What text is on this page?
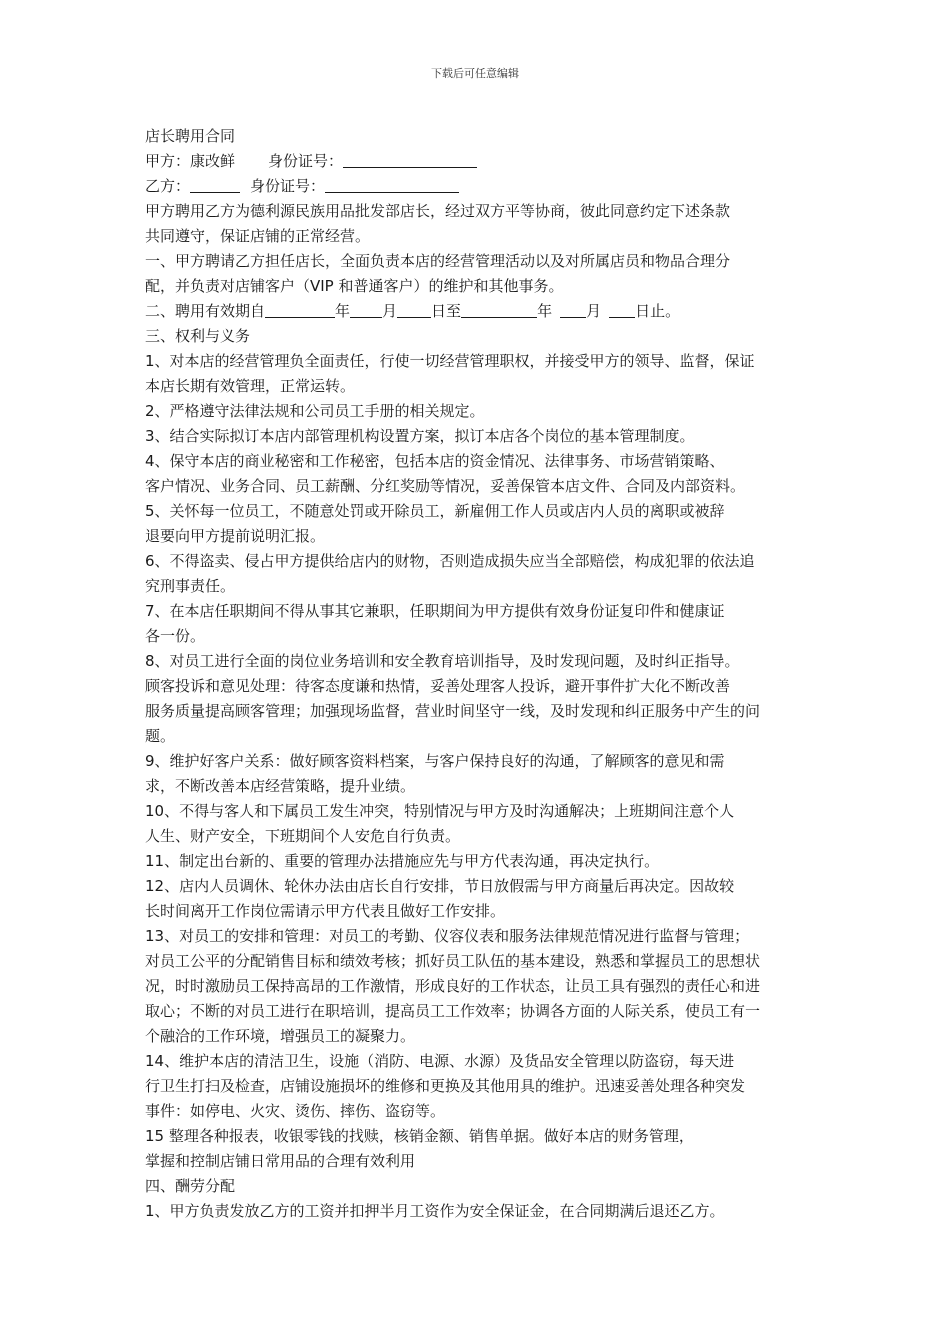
下载后可任意编辑
店长聘用合同
甲方：康改鲜 身份证号：
乙方：	身份证号：
甲方聘用乙方为德利源民族用品批发部店长，经过双方平等协商，彼此同意约定下述条款
共同遵守，保证店铺的正常经营。
一、甲方聘请乙方担任店长，全面负责本店的经营管理活动以及对所属店员和物品合理分
配，并负责对店铺客户（VIP 和普通客户）的维护和其他事务。
二、聘用有效期自	年 月 日至	年 月 日止。
三、权利与义务
1、对本店的经营管理负全面责任，行使一切经营管理职权，并接受甲方的领导、监督，保证
本店长期有效管理，正常运转。
2、严格遵守法律法规和公司员工手册的相关规定。
3、结合实际拟订本店内部管理机构设置方案，拟订本店各个岗位的基本管理制度。
4、保守本店的商业秘密和工作秘密，包括本店的资金情况、法律事务、市场营销策略、
客户情况、业务合同、员工薪酬、分红奖励等情况，妥善保管本店文件、合同及内部资料。
5、关怀每一位员工，不随意处罚或开除员工，新雇佣工作人员或店内人员的离职或被辞
退要向甲方提前说明汇报。
6、不得盗卖、侵占甲方提供给店内的财物，否则造成损失应当全部赔偿，构成犯罪的依法追
究刑事责任。
7、在本店任职期间不得从事其它兼职，任职期间为甲方提供有效身份证复印件和健康证
各一份。
8、对员工进行全面的岗位业务培训和安全教育培训指导，及时发现问题，及时纠正指导。
顾客投诉和意见处理：待客态度谦和热情，妥善处理客人投诉，避开事件扩大化不断改善
服务质量提高顾客管理；加强现场监督，营业时间坚守一线，及时发现和纠正服务中产生的问
题。
9、维护好客户关系：做好顾客资料档案，与客户保持良好的沟通，了解顾客的意见和需
求，不断改善本店经营策略，提升业绩。
10、不得与客人和下属员工发生冲突，特别情况与甲方及时沟通解决；上班期间注意个人
人生、财产安全，下班期间个人安危自行负责。
11、制定出台新的、重要的管理办法措施应先与甲方代表沟通，再决定执行。
12、店内人员调休、轮休办法由店长自行安排，节日放假需与甲方商量后再决定。因故较
长时间离开工作岗位需请示甲方代表且做好工作安排。
13、对员工的安排和管理：对员工的考勤、仪容仪表和服务法律规范情况进行监督与管理；
对员工公平的分配销售目标和绩效考核；抓好员工队伍的基本建设，熟悉和掌握员工的思想状
况，时时激励员工保持高昂的工作激情，形成良好的工作状态，让员工具有强烈的责任心和进
取心；不断的对员工进行在职培训，提高员工工作效率；协调各方面的人际关系，使员工有一
个融洽的工作环境，增强员工的凝聚力。
14、维护本店的清洁卫生，设施（消防、电源、水源）及货品安全管理以防盗窃，每天进
行卫生打扫及检查，店铺设施损坏的维修和更换及其他用具的维护。迅速妥善处理各种突发
事件：如停电、火灾、烫伤、摔伤、盗窃等。
15 整理各种报表，收银零钱的找赎，核销金额、销售单据。做好本店的财务管理，
掌握和控制店铺日常用品的合理有效利用
四、酬劳分配
1、甲方负责发放乙方的工资并扣押半月工资作为安全保证金，在合同期满后退还乙方。
